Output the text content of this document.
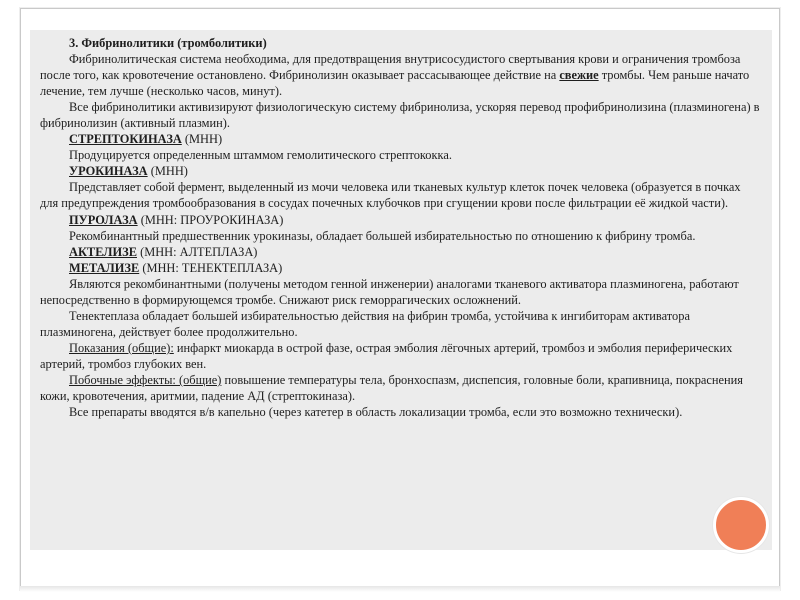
3. Фибринолитики (тромболитики)

Фибринолитическая система необходима, для предотвращения внутрисосудистого свертывания крови и ограничения тромбоза после того, как кровотечение остановлено. Фибринолизин оказывает рассасывающее действие на свежие тромбы. Чем раньше начато лечение, тем лучше (несколько часов, минут).

Все фибринолитики активизируют физиологическую систему фибринолиза, ускоряя перевод профибринолизина (плазминогена) в фибринолизин (активный плазмин).

СТРЕПТОКИНАЗА (МНН)

Продуцируется определенным штаммом гемолитического стрептококка.

УРОКИНАЗА (МНН)

Представляет собой фермент, выделенный из мочи человека или тканевых культур клеток почек человека (образуется в почках для предупреждения тромбообразования в сосудах почечных клубочков при сгущении крови после фильтрации её жидкой части).

ПУРОЛАЗА (МНН: ПРОУРОКИНАЗА)

Рекомбинантный предшественник урокиназы, обладает большей избирательностью по отношению к фибрину тромба.

АКТЕЛИЗЕ (МНН: АЛТЕПЛАЗА)

МЕТАЛИЗЕ (МНН: ТЕНЕКТЕПЛАЗА)

Являются рекомбинантными (получены методом генной инженерии) аналогами тканевого активатора плазминогена, работают непосредственно в формирующемся тромбе. Снижают риск геморрагических осложнений.

Тенектеплаза обладает большей избирательностью действия на фибрин тромба, устойчива к ингибиторам активатора плазминогена, действует более продолжительно.

Показания (общие): инфаркт миокарда в острой фазе, острая эмболия лёгочных артерий, тромбоз и эмболия периферических артерий, тромбоз глубоких вен.

Побочные эффекты: (общие) повышение температуры тела, бронхоспазм, диспепсия, головные боли, крапивница, покраснения кожи, кровотечения, аритмии, падение АД (стрептокиназа).

Все препараты вводятся в/в капельно (через катетер в область локализации тромба, если это возможно технически).
